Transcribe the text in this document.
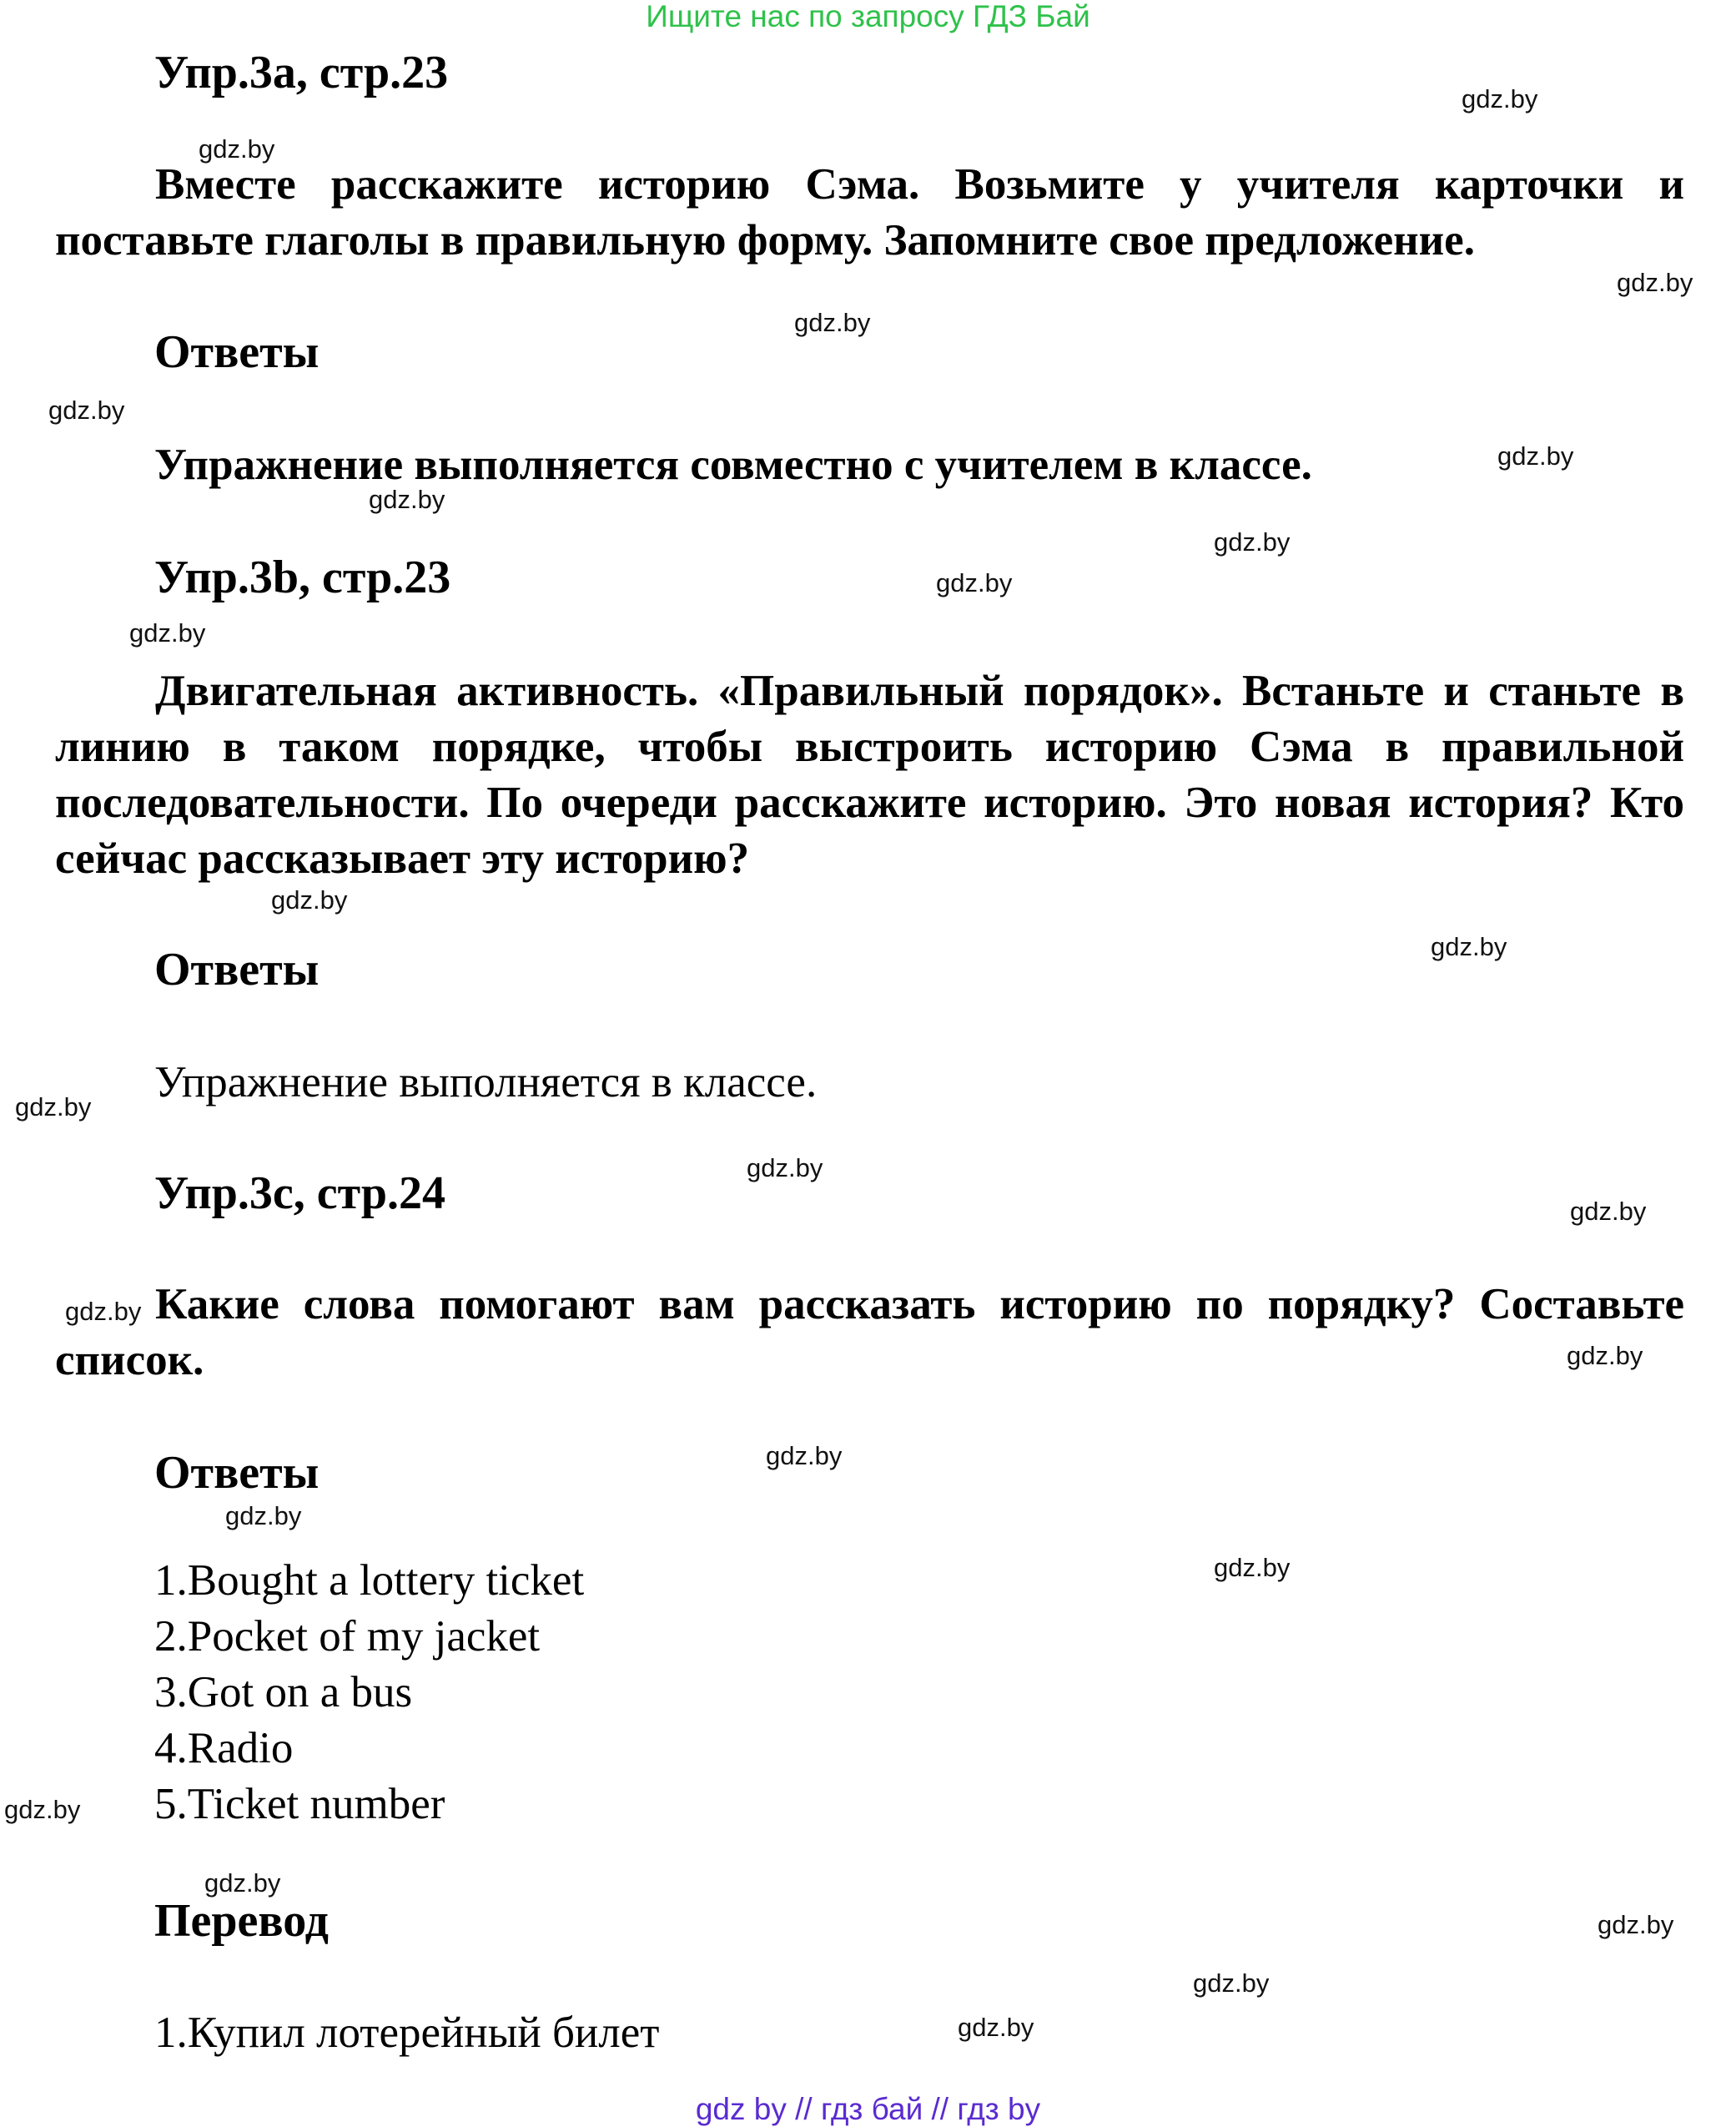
Ищите нас по запросу ГДЗ Бай
Упр.3а, стр.23

Вместе расскажите историю Сэма. Возьмите у учителя карточки и поставьте глаголы в правильную форму. Запомните свое предложение.

Ответы
Упражнение выполняется совместно с учителем в классе.
Упр.3b, стр.23

Двигательная активность. «Правильный порядок». Встаньте и станьте в линию в таком порядке, чтобы выстроить историю Сэма в правильной последовательности. По очереди расскажите историю. Это новая история? Кто сейчас рассказывает эту историю?

Ответы
Упражнение выполняется в классе.
Упр.3с, стр.24

Какие слова помогают вам рассказать историю по порядку? Составьте список.

Ответы
1.Bought a lottery ticket
2.Pocket of my jacket
3.Got on a bus
4.Radio
5.Ticket number
Перевод
1.Купил лотерейный билет
gdz.by
gdz.by
gdz.by
gdz.by
gdz.by
gdz.by
gdz.by
gdz.by
gdz.by
gdz.by
gdz.by
gdz.by
gdz.by
gdz.by
gdz.by
gdz.by
gdz.by
gdz.by
gdz.by
gdz.by
gdz.by
gdz.by
gdz.by
gdz.by
gdz.by
gdz by // гдз бай // гдз by
